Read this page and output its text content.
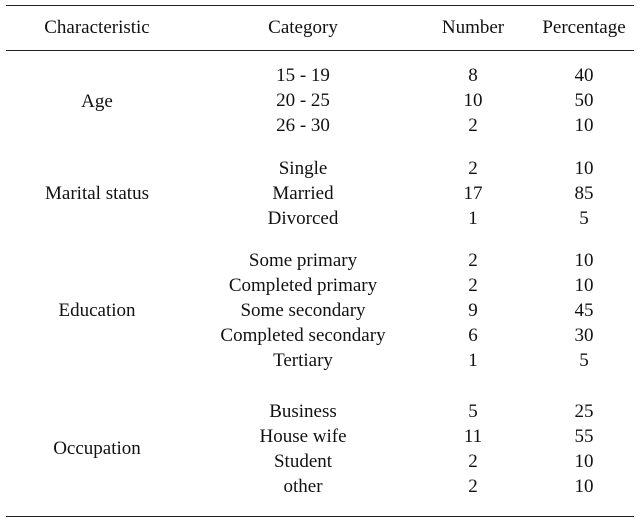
Characteristic	Category	Number Percentage
Age
15 - 19	8	40
20 - 25	10	50
26 - 30	2	10
Marital status
Single	2	10
Married	17	85
Divorced	1	5
Education
Some primary	2	10
Completed primary	2	10
Some secondary	9	45
Completed secondary	6	30
Tertiary	1	5
Occupation
Business	5	25
House wife	11	55
Student	2	10
other	2	10
